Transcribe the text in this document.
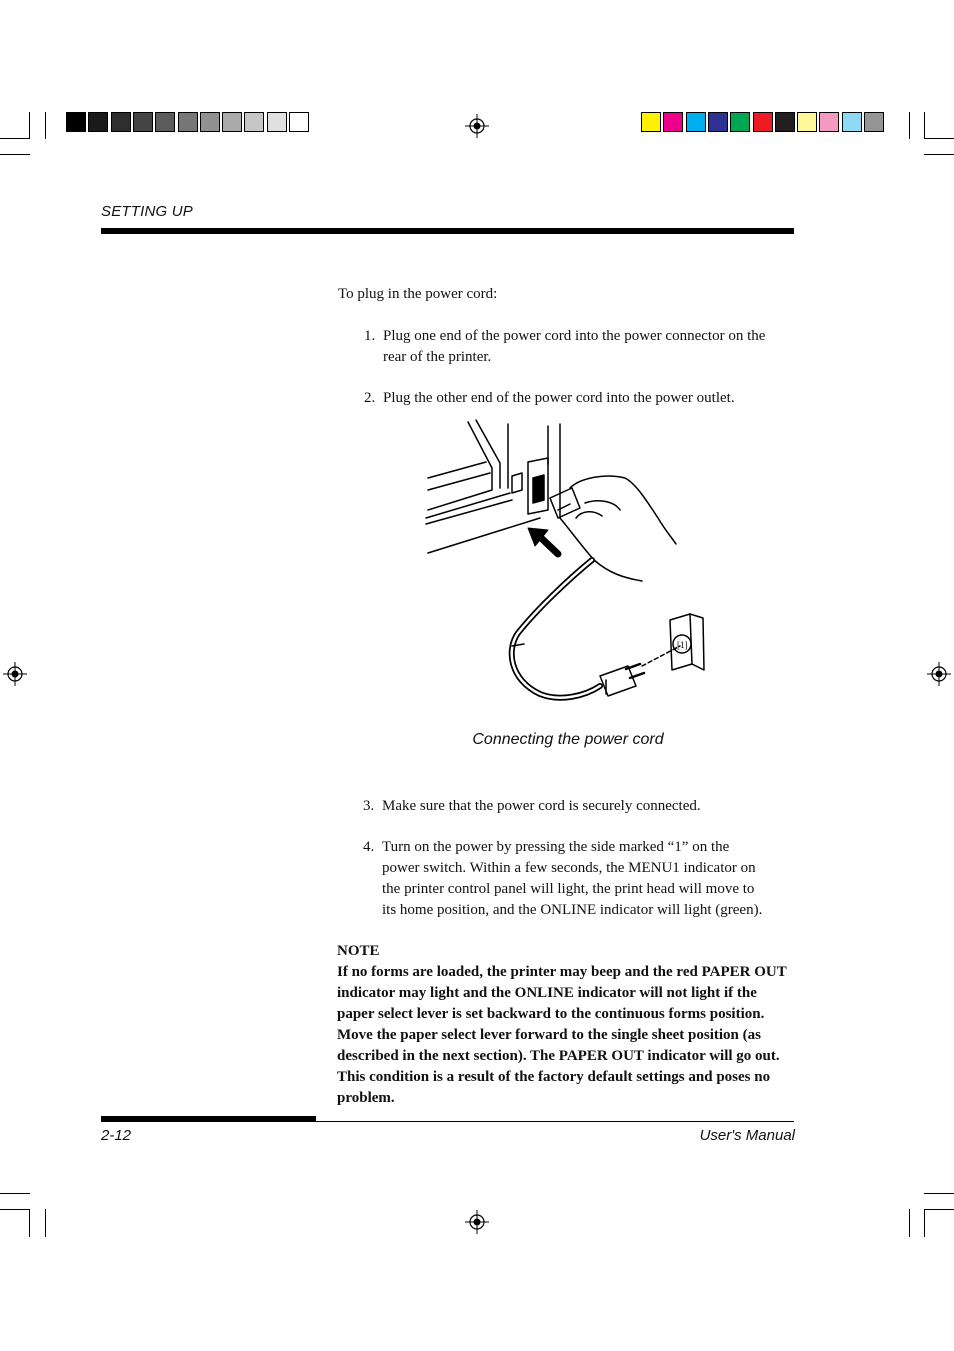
SETTING UP
To plug in the power cord:
1. Plug one end of the power cord into the power connector on the
rear of the printer.
2. Plug the other end of the power cord into the power outlet.
[1]
Connecting the power cord
3. Make sure that the power cord is securely connected.
4. Turn on the power by pressing the side marked “1” on the
power switch. Within a few seconds, the MENU1 indicator on
the printer control panel will light, the print head will move to
its home position, and the ONLINE indicator will light (green).

NOTE

If no forms are loaded, the printer may beep and the red PAPER OUT

indicator may light and the ONLINE indicator will not light if the

paper select lever is set backward to the continuous forms position.

Move the paper select lever forward to the single sheet position (as

described in the next section). The PAPER OUT indicator will go out.

This condition is a result of the factory default settings and poses no

problem.

2-12	User's Manual
